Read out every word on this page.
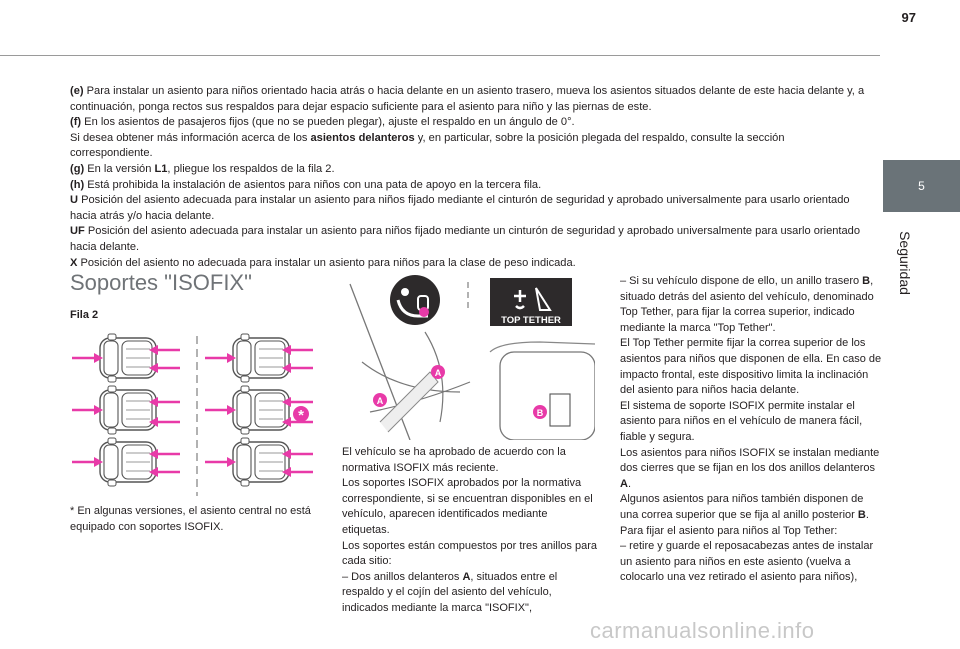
97
5
Seguridad

(e) Para instalar un asiento para niños orientado hacia atrás o hacia delante en un asiento trasero, mueva los asientos situados delante de este hacia delante y, a continuación, ponga rectos sus respaldos para dejar espacio suficiente para el asiento para niño y las piernas de este.

(f) En los asientos de pasajeros fijos (que no se pueden plegar), ajuste el respaldo en un ángulo de 0°.

Si desea obtener más información acerca de los asientos delanteros y, en particular, sobre la posición plegada del respaldo, consulte la sección correspondiente.

(g) En la versión L1, pliegue los respaldos de la fila 2.

(h) Está prohibida la instalación de asientos para niños con una pata de apoyo en la tercera fila.

U Posición del asiento adecuada para instalar un asiento para niños fijado mediante el cinturón de seguridad y aprobado universalmente para usarlo orientado hacia atrás y/o hacia delante.

UF Posición del asiento adecuada para instalar un asiento para niños fijado mediante un cinturón de seguridad y aprobado universalmente para usarlo orientado hacia delante.

X Posición del asiento no adecuada para instalar un asiento para niños para la clase de peso indicada.

Soportes "ISOFIX"
Fila 2
*

* En algunas versiones, el asiento central no está equipado con soportes ISOFIX.

TOP TETHER
A
A
B

El vehículo se ha aprobado de acuerdo con la normativa ISOFIX más reciente.

Los soportes ISOFIX aprobados por la normativa correspondiente, si se encuentran disponibles en el vehículo, aparecen identificados mediante etiquetas.

Los soportes están compuestos por tres anillos para cada sitio:

– Dos anillos delanteros A, situados entre el respaldo y el cojín del asiento del vehículo, indicados mediante la marca "ISOFIX",

– Si su vehículo dispone de ello, un anillo trasero B, situado detrás del asiento del vehículo, denominado Top Tether, para fijar la correa superior, indicado mediante la marca "Top Tether".

El Top Tether permite fijar la correa superior de los asientos para niños que disponen de ella. En caso de impacto frontal, este dispositivo limita la inclinación del asiento para niños hacia delante.

El sistema de soporte ISOFIX permite instalar el asiento para niños en el vehículo de manera fácil, fiable y segura.

Los asientos para niños ISOFIX se instalan mediante dos cierres que se fijan en los dos anillos delanteros
A.

Algunos asientos para niños también disponen de una correa superior que se fija al anillo posterior B.

Para fijar el asiento para niños al Top Tether:

– retire y guarde el reposacabezas antes de instalar un asiento para niños en este asiento (vuelva a colocarlo una vez retirado el asiento para niños),

carmanualsonline.info
